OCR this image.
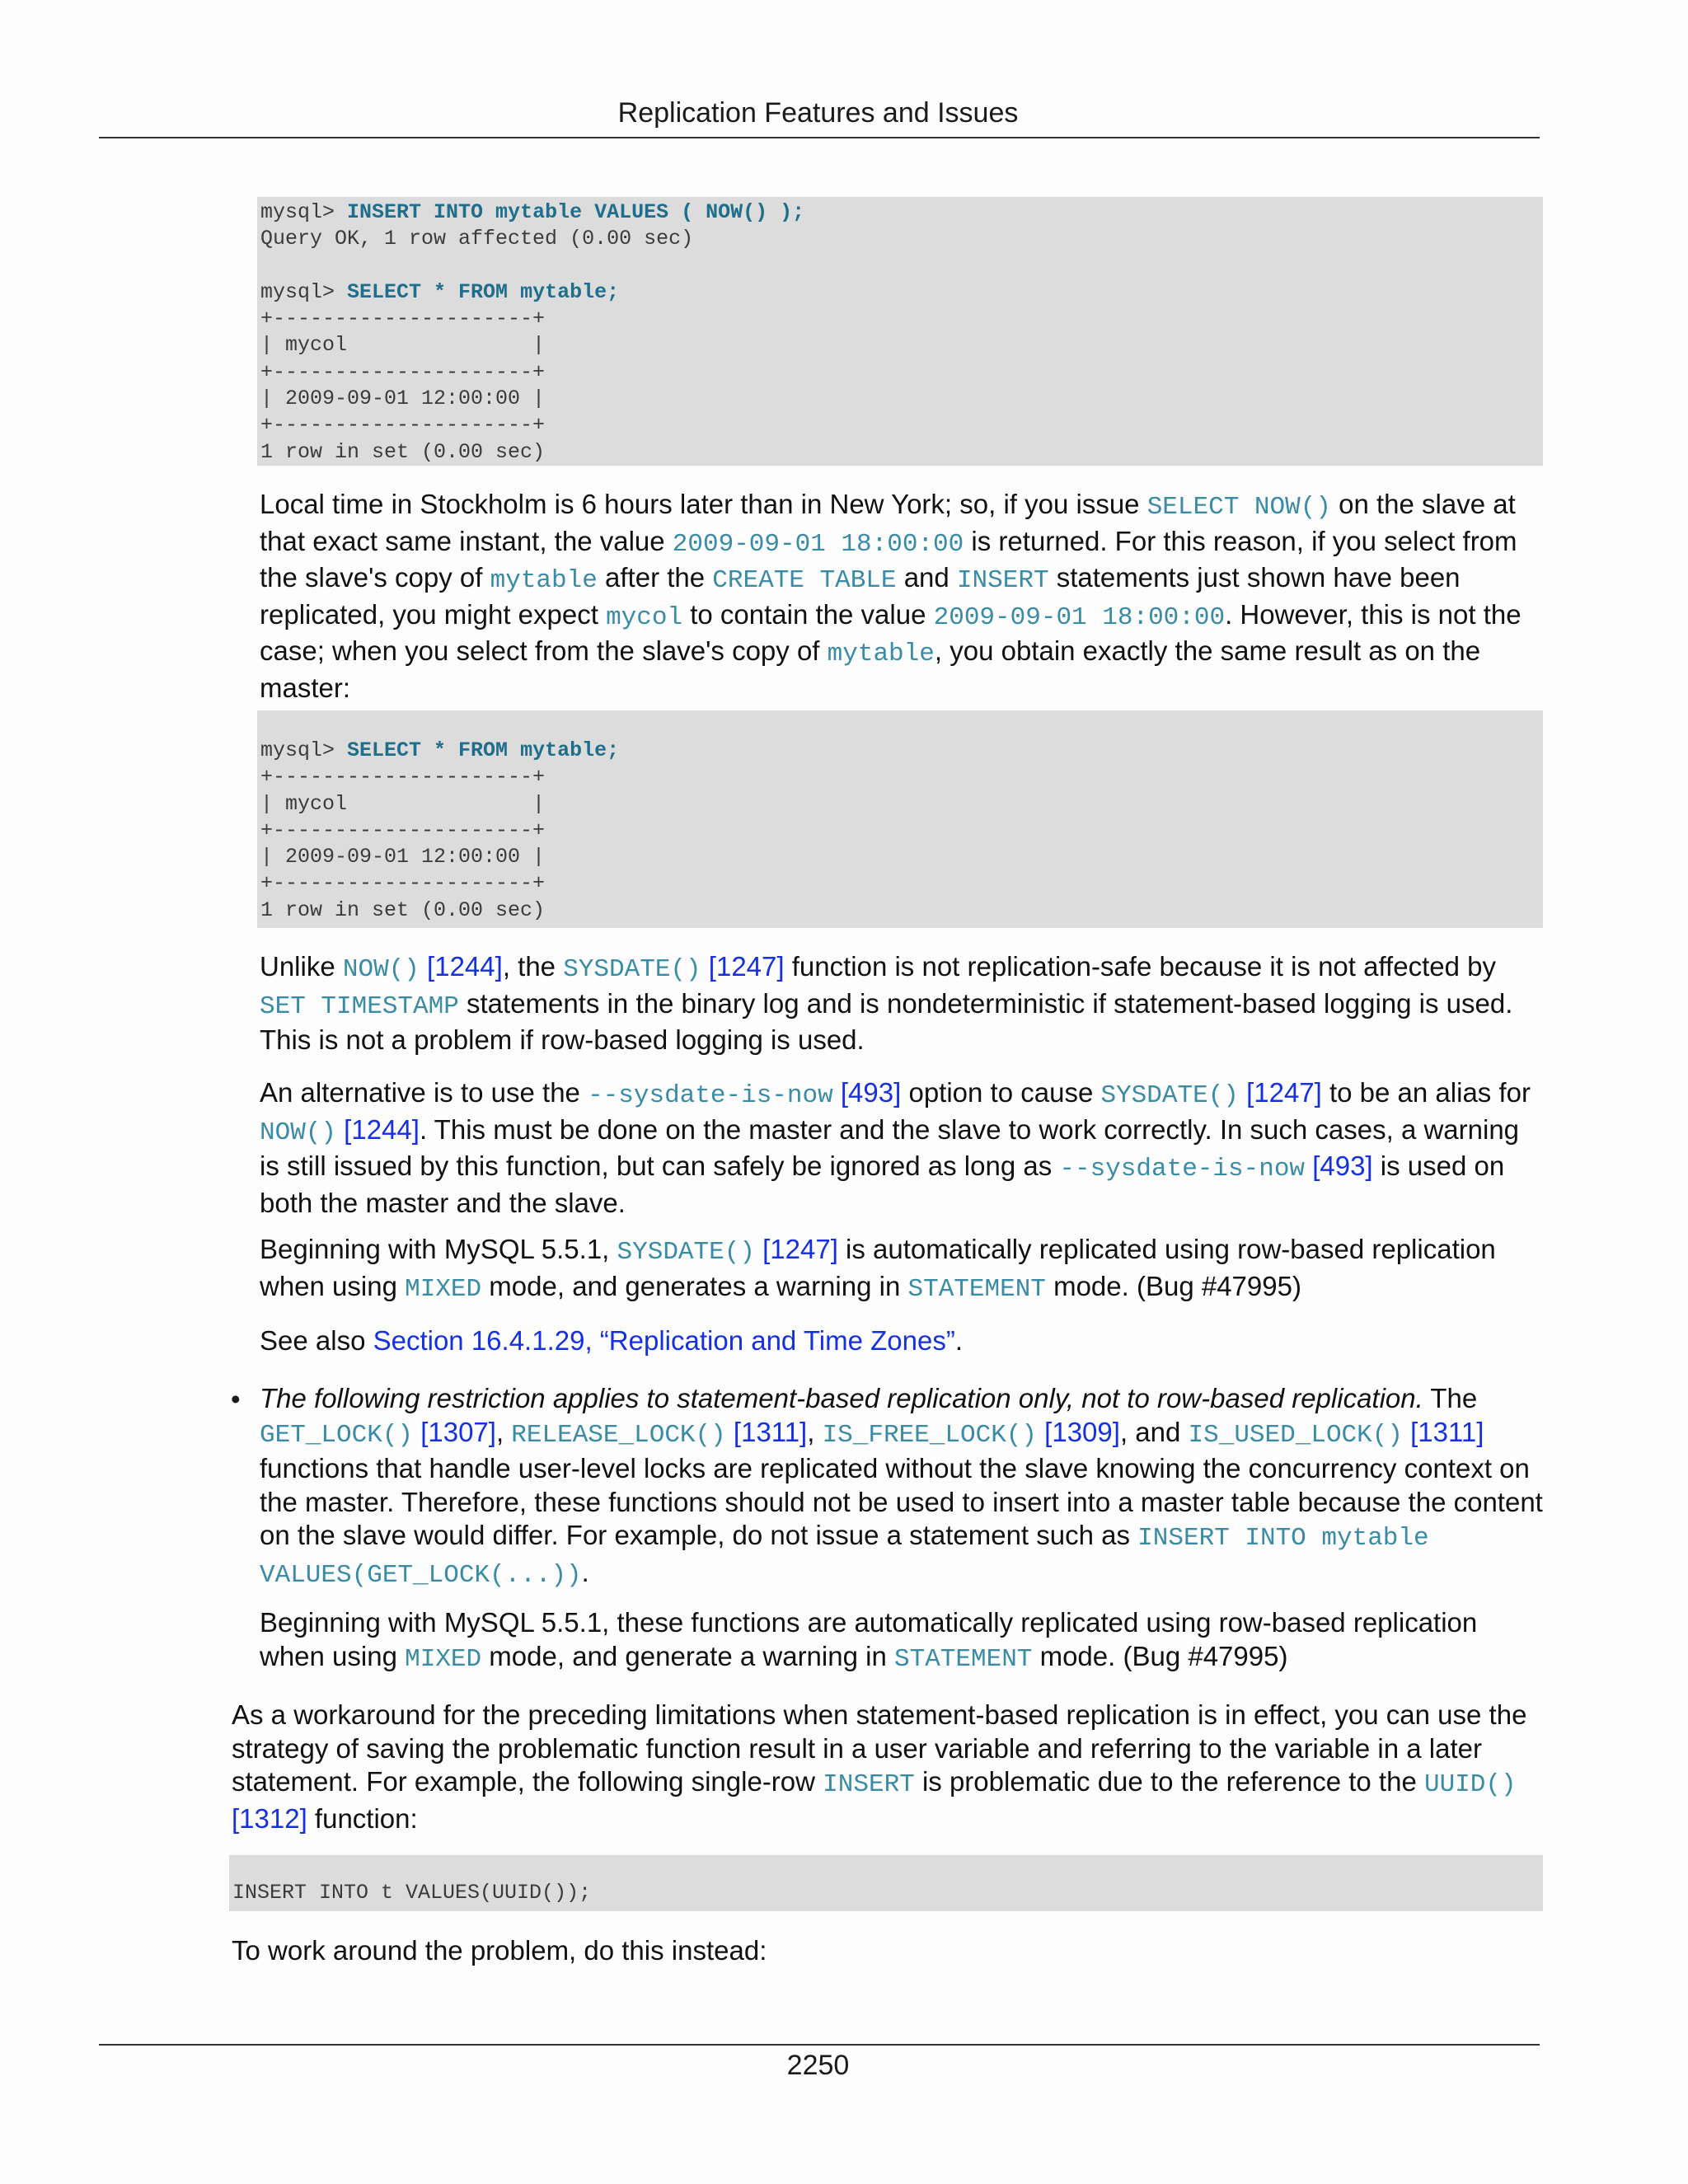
Replication Features and Issues
mysql> INSERT INTO mytable VALUES ( NOW() );
Query OK, 1 row affected (0.00 sec)
mysql> SELECT * FROM mytable;
+---------------------+
| mycol               |
+---------------------+
| 2009-09-01 12:00:00 |
+---------------------+
1 row in set (0.00 sec)

Local time in Stockholm is 6 hours later than in New York; so, if you issue SELECT NOW() on the slave at that exact same instant, the value 2009-09-01 18:00:00 is returned. For this reason, if you select from the slave's copy of mytable after the CREATE TABLE and INSERT statements just shown have been replicated, you might expect mycol to contain the value 2009-09-01 18:00:00. However, this is not the case; when you select from the slave's copy of mytable, you obtain exactly the same result as on the master:

mysql> SELECT * FROM mytable;
+---------------------+
| mycol               |
+---------------------+
| 2009-09-01 12:00:00 |
+---------------------+
1 row in set (0.00 sec)

Unlike NOW() [1244], the SYSDATE() [1247] function is not replication-safe because it is not affected by SET TIMESTAMP statements in the binary log and is nondeterministic if statement-based logging is used. This is not a problem if row-based logging is used.

An alternative is to use the --sysdate-is-now [493] option to cause SYSDATE() [1247] to be an alias for NOW() [1244]. This must be done on the master and the slave to work correctly. In such cases, a warning is still issued by this function, but can safely be ignored as long as --sysdate-is-now [493] is used on both the master and the slave.

Beginning with MySQL 5.5.1, SYSDATE() [1247] is automatically replicated using row-based replication when using MIXED mode, and generates a warning in STATEMENT mode. (Bug #47995)

See also Section 16.4.1.29, “Replication and Time Zones”.

• The following restriction applies to statement-based replication only, not to row-based replication. The GET_LOCK() [1307], RELEASE_LOCK() [1311], IS_FREE_LOCK() [1309], and IS_USED_LOCK() [1311] functions that handle user-level locks are replicated without the slave knowing the concurrency context on the master. Therefore, these functions should not be used to insert into a master table because the content on the slave would differ. For example, do not issue a statement such as INSERT INTO mytable VALUES(GET_LOCK(...)).

Beginning with MySQL 5.5.1, these functions are automatically replicated using row-based replication when using MIXED mode, and generate a warning in STATEMENT mode. (Bug #47995)

As a workaround for the preceding limitations when statement-based replication is in effect, you can use the strategy of saving the problematic function result in a user variable and referring to the variable in a later statement. For example, the following single-row INSERT is problematic due to the reference to the UUID() [1312] function:

INSERT INTO t VALUES(UUID());

To work around the problem, do this instead:

2250
